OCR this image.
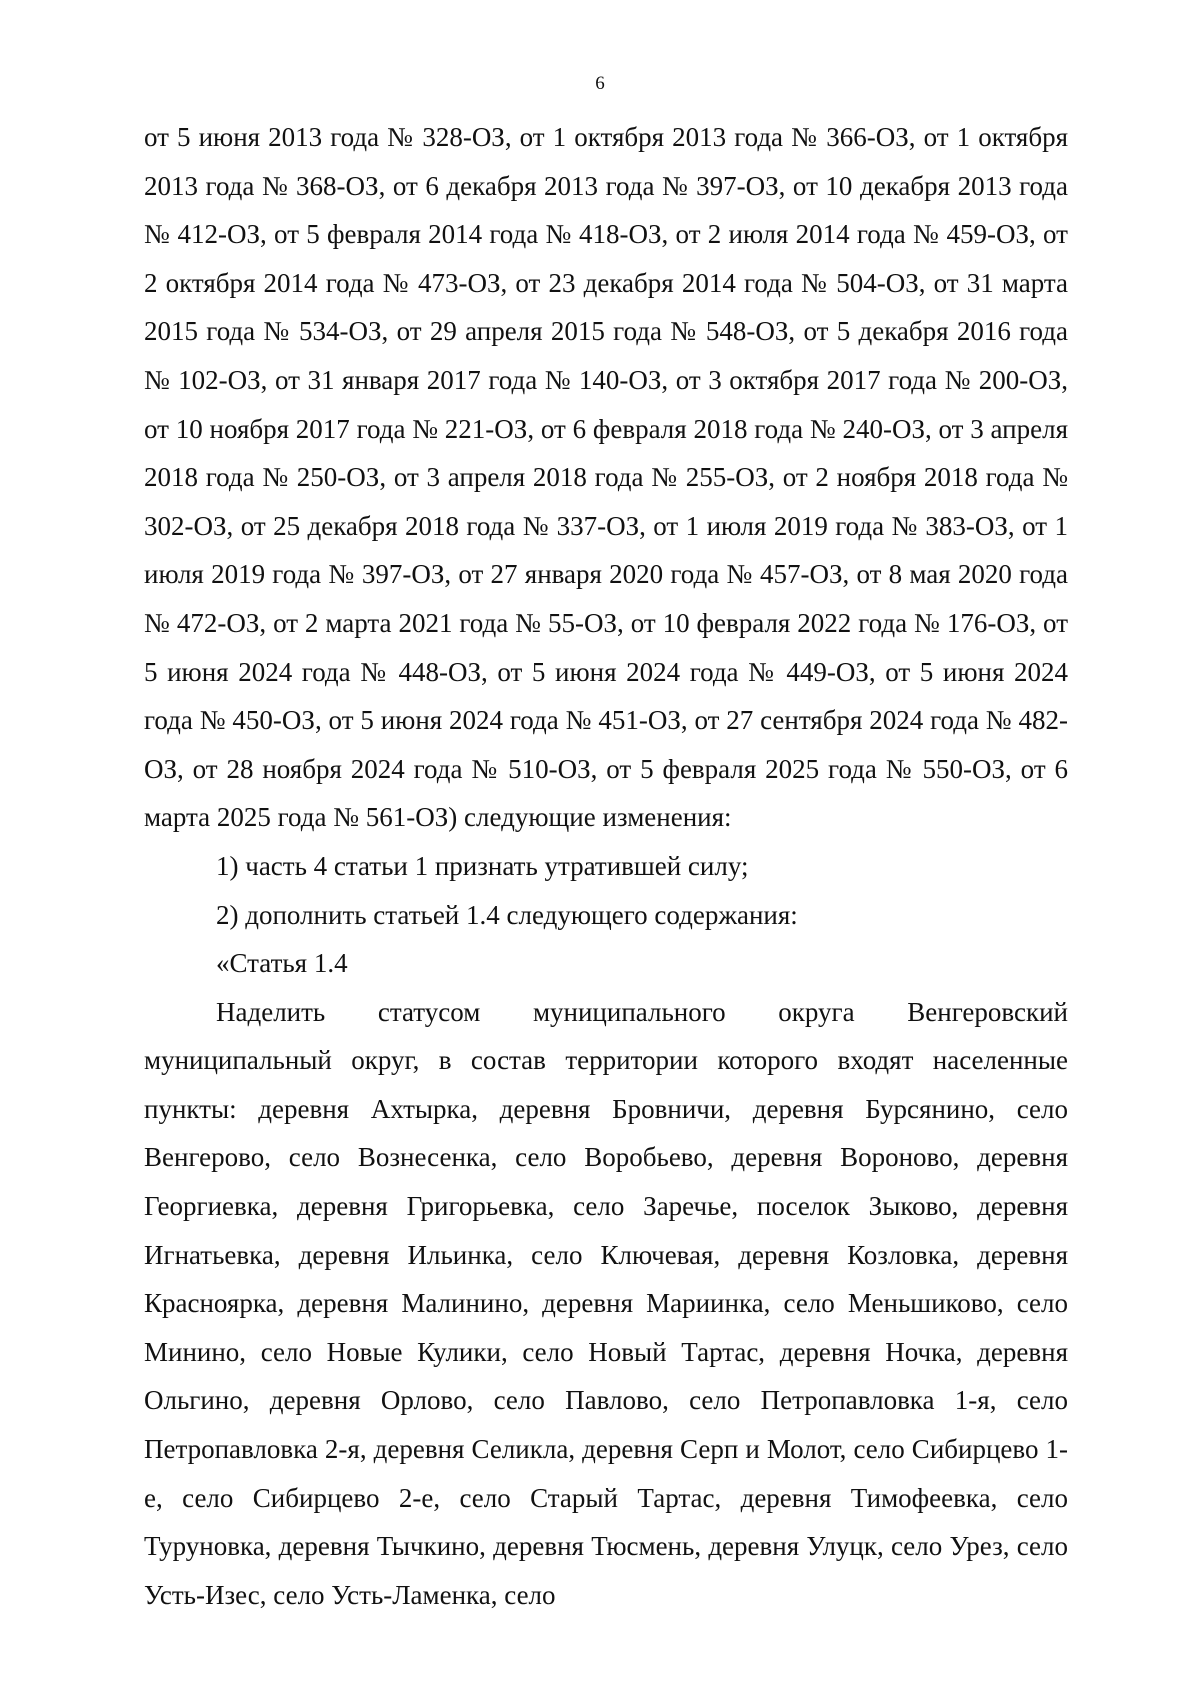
6

от 5 июня 2013 года № 328-ОЗ, от 1 октября 2013 года № 366-ОЗ, от 1 октября 2013 года № 368-ОЗ, от 6 декабря 2013 года № 397-ОЗ, от 10 декабря 2013 года № 412-ОЗ, от 5 февраля 2014 года № 418-ОЗ, от 2 июля 2014 года № 459-ОЗ, от 2 октября 2014 года № 473-ОЗ, от 23 декабря 2014 года № 504-ОЗ, от 31 марта 2015 года № 534-ОЗ, от 29 апреля 2015 года № 548-ОЗ, от 5 декабря 2016 года № 102-ОЗ, от 31 января 2017 года № 140-ОЗ, от 3 октября 2017 года № 200-ОЗ, от 10 ноября 2017 года № 221-ОЗ, от 6 февраля 2018 года № 240-ОЗ, от 3 апреля 2018 года № 250-ОЗ, от 3 апреля 2018 года № 255-ОЗ, от 2 ноября 2018 года № 302-ОЗ, от 25 декабря 2018 года № 337-ОЗ, от 1 июля 2019 года № 383-ОЗ, от 1 июля 2019 года № 397-ОЗ, от 27 января 2020 года № 457-ОЗ, от 8 мая 2020 года № 472-ОЗ, от 2 марта 2021 года № 55-ОЗ, от 10 февраля 2022 года № 176-ОЗ, от 5 июня 2024 года № 448-ОЗ, от 5 июня 2024 года № 449-ОЗ, от 5 июня 2024 года № 450-ОЗ, от 5 июня 2024 года № 451-ОЗ, от 27 сентября 2024 года № 482-ОЗ, от 28 ноября 2024 года № 510-ОЗ, от 5 февраля 2025 года № 550-ОЗ, от 6 марта 2025 года № 561-ОЗ) следующие изменения:

1) часть 4 статьи 1 признать утратившей силу;

2) дополнить статьей 1.4 следующего содержания:

«Статья 1.4

Наделить статусом муниципального округа Венгеровский муниципальный округ, в состав территории которого входят населенные пункты: деревня Ахтырка, деревня Бровничи, деревня Бурсянино, село Венгерово, село Вознесенка, село Воробьево, деревня Вороново, деревня Георгиевка, деревня Григорьевка, село Заречье, поселок Зыково, деревня Игнатьевка, деревня Ильинка, село Ключевая, деревня Козловка, деревня Красноярка, деревня Малинино, деревня Мариинка, село Меньшиково, село Минино, село Новые Кулики, село Новый Тартас, деревня Ночка, деревня Ольгино, деревня Орлово, село Павлово, село Петропавловка 1-я, село Петропавловка 2-я, деревня Селикла, деревня Серп и Молот, село Сибирцево 1-е, село Сибирцево 2-е, село Старый Тартас, деревня Тимофеевка, село Туруновка, деревня Тычкино, деревня Тюсмень, деревня Улуцк, село Урез, село Усть-Изес, село Усть-Ламенка, село
